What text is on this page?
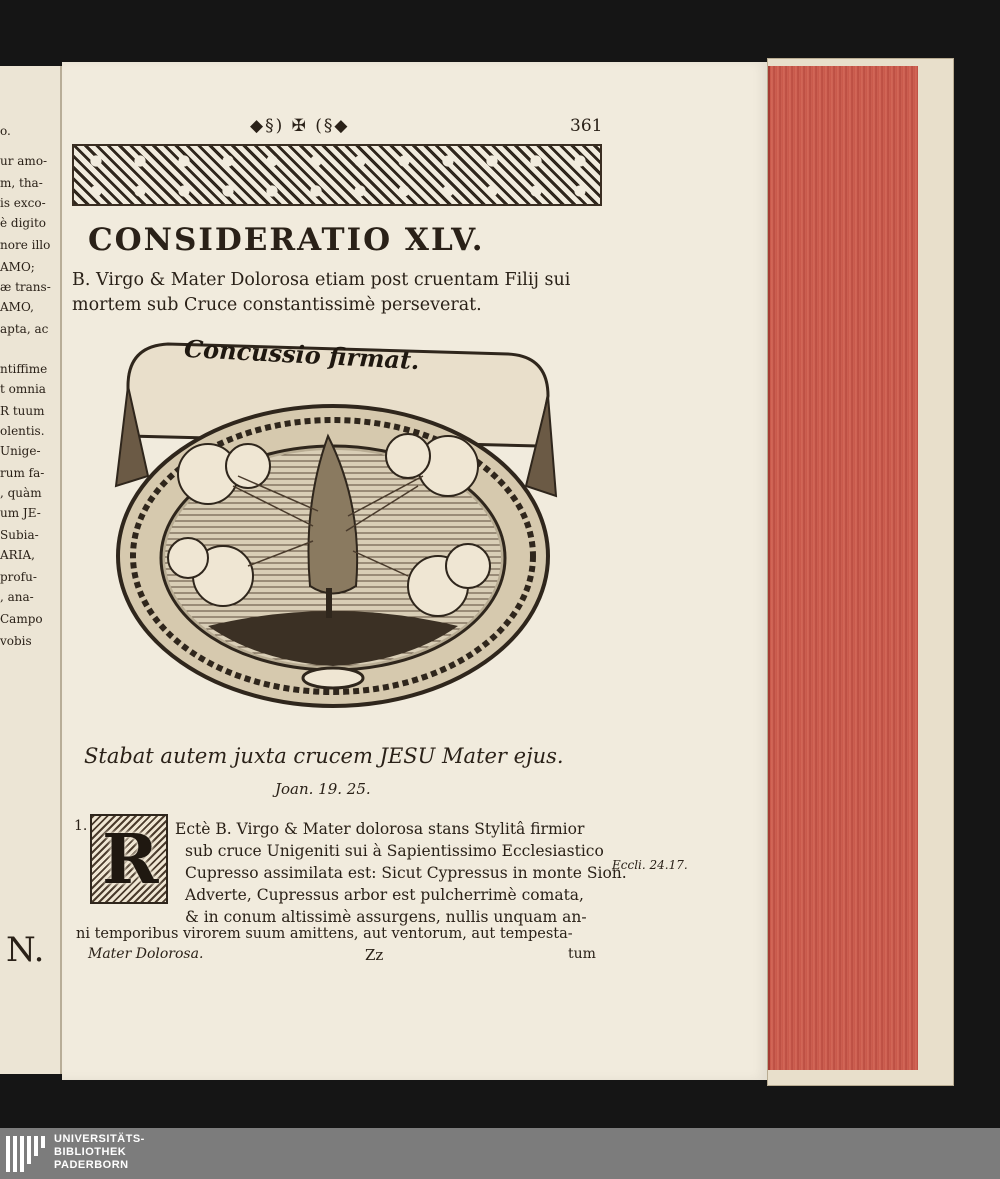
o.
ur amo-
m, tha-
is exco-
è digito
nore illo
AMO;
æ trans-
AMO,
apta, ac
ntiffime
t omnia
R tuum
olentis.
Unige-
rum fa-
, quàm
um JE-
Subia-
ARIA,
profu-
, ana-
Campo
vobis
N.
◆§) ✠ (§◆	361
CONSIDERATIO XLV.
B. Virgo & Mater Dolorosa etiam post cruentam Filij sui mortem sub Cruce constantissimè perseverat.
Concussio firmat.
Stabat autem juxta crucem JESU Mater ejus.
Joan. 19. 25.
1. R Ectè B. Virgo & Mater dolorosa stans Stylitâ firmior
sub cruce Unigeniti sui à Sapientissimo Ecclesiastico
Cupresso assimilata est: Sicut Cypressus in monte Sion.
Adverte, Cupressus arbor est pulcherrimè comata,
& in conum altissimè assurgens, nullis unquam an-
ni temporibus virorem suum amittens, aut ventorum, aut tempesta-
Eccli. 24.17.
Mater Dolorosa.	Zz	tum
UNIVERSITÄTS-
BIBLIOTHEK
PADERBORN
